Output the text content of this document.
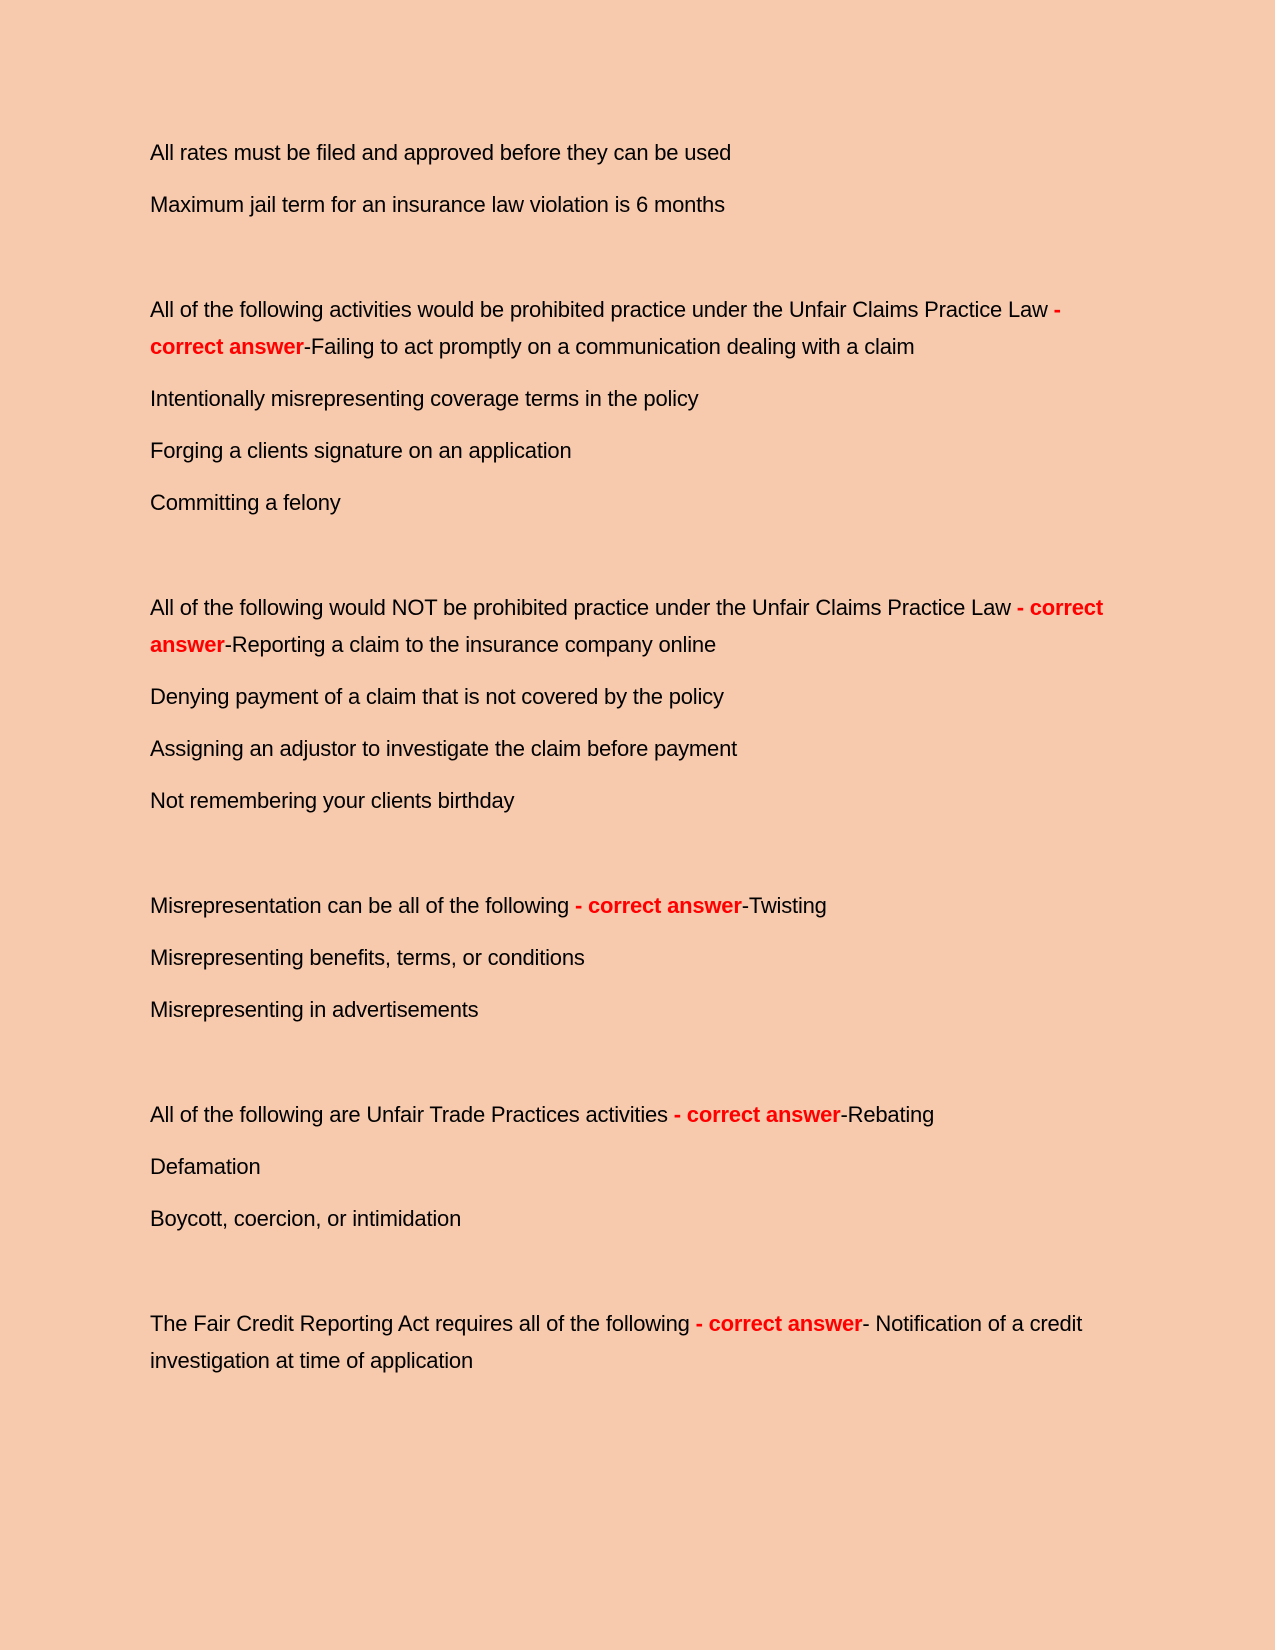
All rates must be filed and approved before they can be used

Maximum jail term for an insurance law violation is 6 months

All of the following activities would be prohibited practice under the Unfair Claims Practice Law - correct answer-Failing to act promptly on a communication dealing with a claim

Intentionally misrepresenting coverage terms in the policy

Forging a clients signature on an application

Committing a felony

All of the following would NOT be prohibited practice under the Unfair Claims Practice Law - correct answer-Reporting a claim to the insurance company online

Denying payment of a claim that is not covered by the policy

Assigning an adjustor to investigate the claim before payment

Not remembering your clients birthday

Misrepresentation can be all of the following - correct answer-Twisting

Misrepresenting benefits, terms, or conditions

Misrepresenting in advertisements

All of the following are Unfair Trade Practices activities - correct answer-Rebating

Defamation

Boycott, coercion, or intimidation

The Fair Credit Reporting Act requires all of the following - correct answer- Notification of a credit investigation at time of application
